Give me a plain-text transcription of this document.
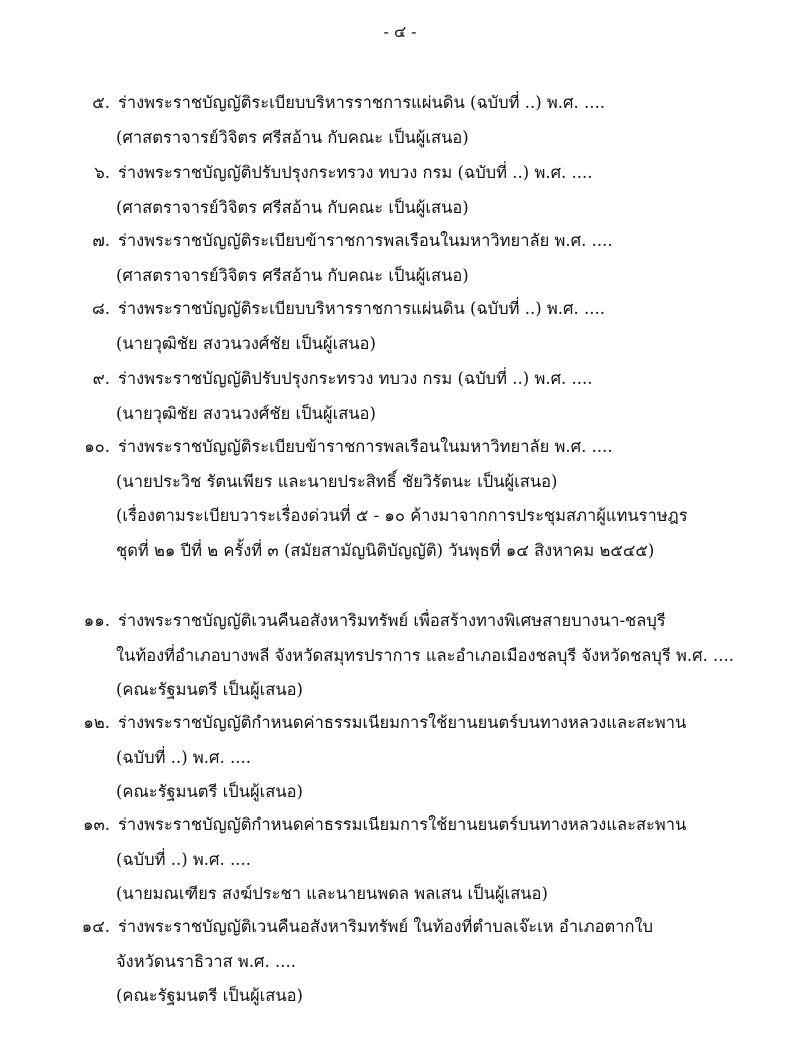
- ๔ -
๕. ร่างพระราชบัญญัติระเบียบบริหารราชการแผ่นดิน (ฉบับที่ ..) พ.ศ. ....
(ศาสตราจารย์วิจิตร ศรีสอ้าน กับคณะ เป็นผู้เสนอ)
๖. ร่างพระราชบัญญัติปรับปรุงกระทรวง ทบวง กรม (ฉบับที่ ..) พ.ศ. ....
(ศาสตราจารย์วิจิตร ศรีสอ้าน กับคณะ เป็นผู้เสนอ)
๗. ร่างพระราชบัญญัติระเบียบข้าราชการพลเรือนในมหาวิทยาลัย พ.ศ. ....
(ศาสตราจารย์วิจิตร ศรีสอ้าน กับคณะ เป็นผู้เสนอ)
๘. ร่างพระราชบัญญัติระเบียบบริหารราชการแผ่นดิน (ฉบับที่ ..) พ.ศ. ....
(นายวุฒิชัย สงวนวงศ์ชัย เป็นผู้เสนอ)
๙. ร่างพระราชบัญญัติปรับปรุงกระทรวง ทบวง กรม (ฉบับที่ ..) พ.ศ. ....
(นายวุฒิชัย สงวนวงศ์ชัย เป็นผู้เสนอ)
๑๐. ร่างพระราชบัญญัติระเบียบข้าราชการพลเรือนในมหาวิทยาลัย พ.ศ. ....
(นายประวิช รัตนเพียร และนายประสิทธิ์ ชัยวิรัตนะ เป็นผู้เสนอ)
(เรื่องตามระเบียบวาระเรื่องด่วนที่ ๕ - ๑๐ ค้างมาจากการประชุมสภาผู้แทนราษฎร
ชุดที่ ๒๑ ปีที่ ๒ ครั้งที่ ๓ (สมัยสามัญนิติบัญญัติ) วันพุธที่ ๑๔ สิงหาคม ๒๕๔๕)
๑๑. ร่างพระราชบัญญัติเวนคืนอสังหาริมทรัพย์ เพื่อสร้างทางพิเศษสายบางนา-ชลบุรี
ในท้องที่อำเภอบางพลี จังหวัดสมุทรปราการ และอำเภอเมืองชลบุรี จังหวัดชลบุรี พ.ศ. ....
(คณะรัฐมนตรี เป็นผู้เสนอ)
๑๒. ร่างพระราชบัญญัติกำหนดค่าธรรมเนียมการใช้ยานยนตร์บนทางหลวงและสะพาน
(ฉบับที่ ..) พ.ศ. ....
(คณะรัฐมนตรี เป็นผู้เสนอ)
๑๓. ร่างพระราชบัญญัติกำหนดค่าธรรมเนียมการใช้ยานยนตร์บนทางหลวงและสะพาน
(ฉบับที่ ..) พ.ศ. ....
(นายมณเฑียร สงฆ์ประชา และนายนพดล พลเสน เป็นผู้เสนอ)
๑๔. ร่างพระราชบัญญัติเวนคืนอสังหาริมทรัพย์ ในท้องที่ตำบลเจ๊ะเห อำเภอตากใบ
จังหวัดนราธิวาส พ.ศ. ....
(คณะรัฐมนตรี เป็นผู้เสนอ)
